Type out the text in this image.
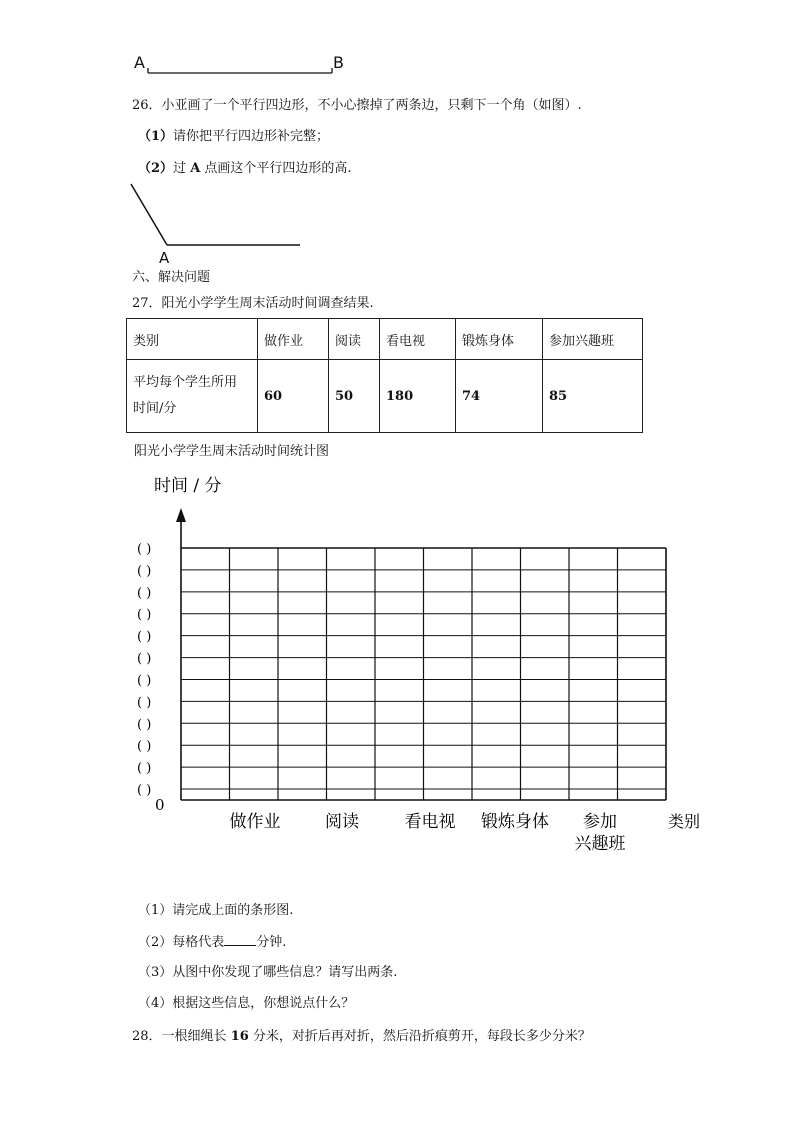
A	B
26．小亚画了一个平行四边形，不小心擦掉了两条边，只剩下一个角（如图）.
（1）请你把平行四边形补完整；
（2）过 A 点画这个平行四边形的高.
A
六、解决问题
27．阳光小学学生周末活动时间调查结果.
类别	做作业	阅读	看电视	锻炼身体	参加兴趣班
平均每个学生所用
时间/分	60	50	180	74	85
阳光小学学生周末活动时间统计图
时间 / 分
0
类别
( )
( )
( )
( )
( )
( )
( )
( )
( )
( )
( )
( )
做作业	阅读	看电视 锻炼身体	参加兴趣班
（1）请完成上面的条形图.
（2）每格代表 分钟.
（3）从图中你发现了哪些信息？请写出两条.
（4）根据这些信息，你想说点什么？
28．一根细绳长 16 分米，对折后再对折，然后沿折痕剪开，每段长多少分米？
